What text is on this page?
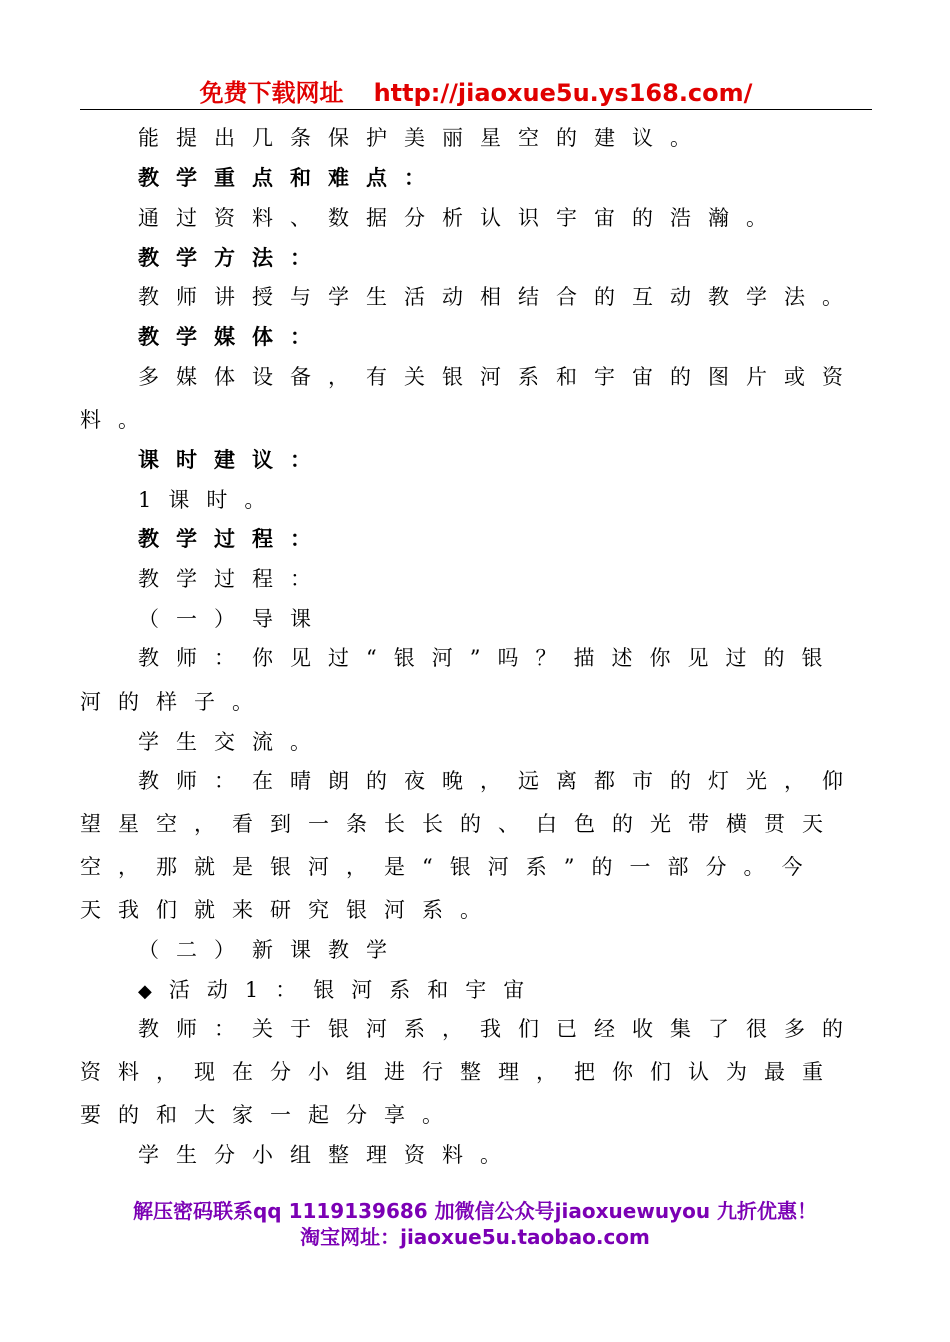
免费下载网址 http://jiaoxue5u.ys168.com/
能提出几条保护美丽星空的建议。
教学重点和难点：
通过资料、数据分析认识宇宙的浩瀚。
教学方法：
教师讲授与学生活动相结合的互动教学法。
教学媒体：
多媒体设备，有关银河系和宇宙的图片或资
料。
课时建议：
1课时。
教学过程：
教学过程：
（一）导课
教师：你见过“银河”吗？描述你见过的银
河的样子。
学生交流。
教师：在晴朗的夜晚，远离都市的灯光，仰
望星空，看到一条长长的、白色的光带横贯天
空，那就是银河，是“银河系”的一部分。今
天我们就来研究银河系。
（二）新课教学
◆活动1：银河系和宇宙
教师：关于银河系，我们已经收集了很多的
资料，现在分小组进行整理，把你们认为最重
要的和大家一起分享。
学生分小组整理资料。
解压密码联系qq 1119139686 加微信公众号jiaoxuewuyou 九折优惠！
淘宝网址：jiaoxue5u.taobao.com
